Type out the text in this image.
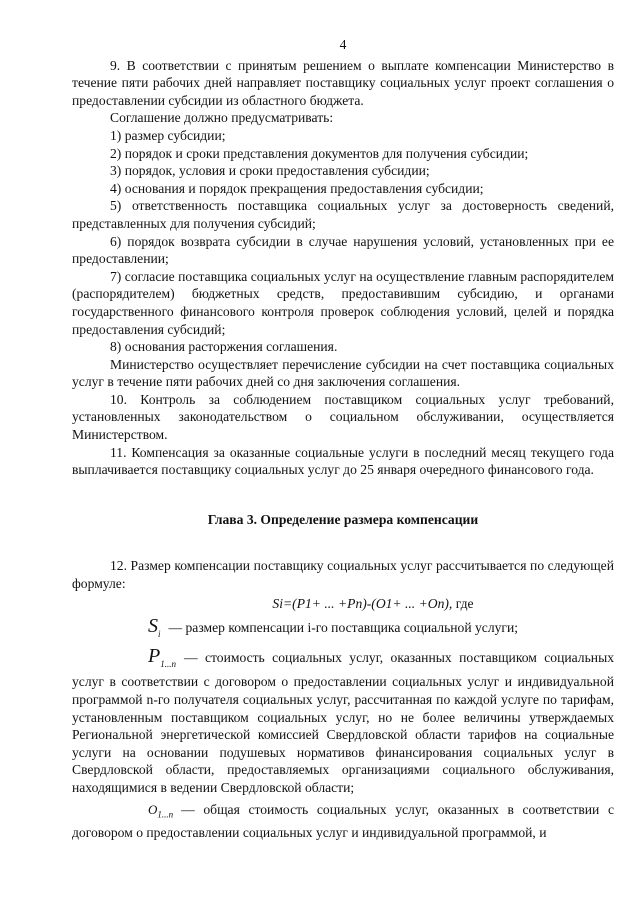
4

9. В соответствии с принятым решением о выплате компенсации Министерство в течение пяти рабочих дней направляет поставщику социальных услуг проект соглашения о предоставлении субсидии из областного бюджета.

Соглашение должно предусматривать:

1) размер субсидии;

2) порядок и сроки представления документов для получения субсидии;

3) порядок, условия и сроки предоставления субсидии;

4) основания и порядок прекращения предоставления субсидии;

5) ответственность поставщика социальных услуг за достоверность сведений, представленных для получения субсидий;

6) порядок возврата субсидии в случае нарушения условий, установленных при ее предоставлении;

7) согласие поставщика социальных услуг на осуществление главным распорядителем (распорядителем) бюджетных средств, предоставившим субсидию, и органами государственного финансового контроля проверок соблюдения условий, целей и порядка предоставления субсидий;

8) основания расторжения соглашения.

Министерство осуществляет перечисление субсидии на счет поставщика социальных услуг в течение пяти рабочих дней со дня заключения соглашения.

10. Контроль за соблюдением поставщиком социальных услуг требований, установленных законодательством о социальном обслуживании, осуществляется Министерством.

11. Компенсация за оказанные социальные услуги в последний месяц текущего года выплачивается поставщику социальных услуг до 25 января очередного финансового года.

Глава 3. Определение размера компенсации

12. Размер компенсации поставщику социальных услуг рассчитывается по следующей формуле:

Si=(P1+ ... +Pn)-(O1+ ... +On), где

$S_i$ — размер компенсации i-го поставщика социальной услуги;

$P_{1...n}$ — стоимость социальных услуг, оказанных поставщиком социальных услуг в соответствии с договором о предоставлении социальных услуг и индивидуальной программой n-го получателя социальных услуг, рассчитанная по каждой услуге по тарифам, установленным поставщиком социальных услуг, но не более величины утверждаемых Региональной энергетической комиссией Свердловской области тарифов на социальные услуги на основании подушевых нормативов финансирования социальных услуг в Свердловской области, предоставляемых организациями социального обслуживания, находящимися в ведении Свердловской области;

$O_{1...n}$ — общая стоимость социальных услуг, оказанных в соответствии с договором о предоставлении социальных услуг и индивидуальной программой, и
